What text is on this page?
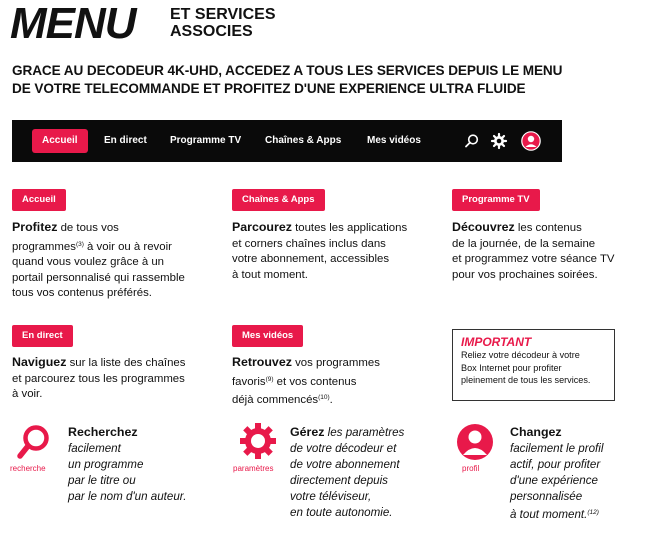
MENU ET SERVICES
ASSOCIES
GRACE AU DECODEUR 4K-UHD, ACCEDEZ A TOUS LES SERVICES DEPUIS LE MENU
DE VOTRE TELECOMMANDE ET PROFITEZ D'UNE EXPERIENCE ULTRA FLUIDE
Accueil	En direct Programme TV Chaînes & Apps	Mes vidéos
Accueil
Profitez de tous vos
programmes$^{(3)}$ à voir ou à revoir
quand vous voulez grâce à un
portail personnalisé qui rassemble
tous vos contenus préférés.
Chaînes & Apps
Parcourez toutes les applications
et corners chaînes inclus dans
votre abonnement, accessibles
à tout moment.
Programme TV
Découvrez les contenus
de la journée, de la semaine
et programmez votre séance TV
pour vos prochaines soirées.
En direct
Naviguez sur la liste des chaînes
et parcourez tous les programmes
à voir.
Mes vidéos
Retrouvez vos programmes
favoris$^{(9)}$ et vos contenus
déjà commencés$^{(10)}$.
IMPORTANT
Reliez votre décodeur à votre
Box Internet pour profiter
pleinement de tous les services.
recherche
Recherchez
facilement
un programme
par le titre ou
par le nom d'un auteur.
paramètres
Gérez les paramètres
de votre décodeur et
de votre abonnement
directement depuis
votre téléviseur,
en toute autonomie.
profil
Changez
facilement le profil
actif, pour profiter
d'une expérience
personnalisée
à tout moment.$^{(12)}$
